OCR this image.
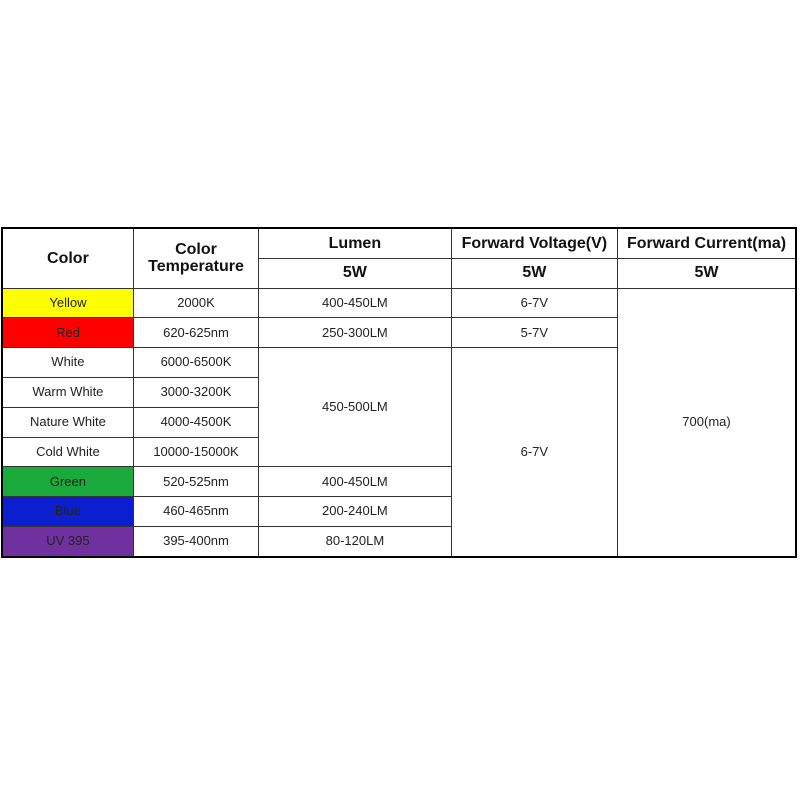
Color	Color Temperature	Lumen	Forward Voltage(V)	Forward Current(ma)
		5W	5W	5W
Yellow	2000K	400-450LM	6-7V	700(ma)
Red	620-625nm	250-300LM	5-7V	
White	6000-6500K	450-500LM	6-7V	
Warm White	3000-3200K			
Nature White	4000-4500K			
Cold White	10000-15000K			
Green	520-525nm	400-450LM		
Blue	460-465nm	200-240LM		
UV 395	395-400nm	80-120LM		
